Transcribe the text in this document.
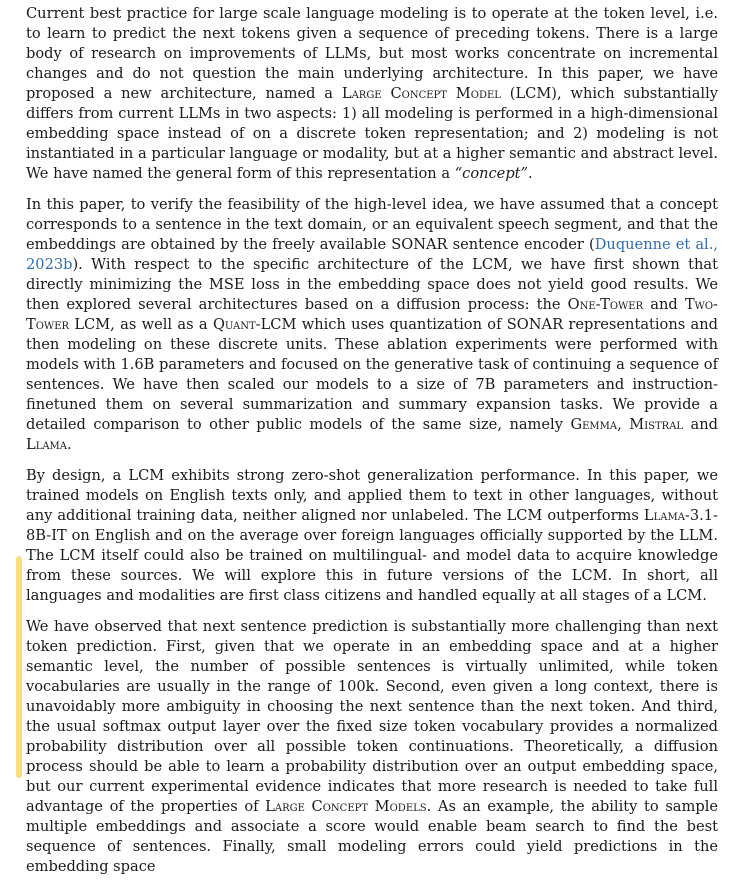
Current best practice for large scale language modeling is to operate at the token level, i.e. to learn to predict the next tokens given a sequence of preceding tokens. There is a large body of research on improvements of LLMs, but most works concentrate on incremental changes and do not question the main underlying architecture. In this paper, we have proposed a new architecture, named a Large Concept Model (LCM), which substantially differs from current LLMs in two aspects: 1) all modeling is performed in a high-dimensional embedding space instead of on a discrete token representation; and 2) modeling is not instantiated in a particular language or modality, but at a higher semantic and abstract level. We have named the general form of this representation a “concept”.

In this paper, to verify the feasibility of the high-level idea, we have assumed that a concept corresponds to a sentence in the text domain, or an equivalent speech segment, and that the embeddings are obtained by the freely available SONAR sentence encoder (Duquenne et al., 2023b). With respect to the specific architecture of the LCM, we have first shown that directly minimizing the MSE loss in the embedding space does not yield good results. We then explored several architectures based on a diffusion process: the One-Tower and Two-Tower LCM, as well as a Quant-LCM which uses quantization of SONAR representations and then modeling on these discrete units. These ablation experiments were performed with models with 1.6B parameters and focused on the generative task of continuing a sequence of sentences. We have then scaled our models to a size of 7B parameters and instruction-finetuned them on several summarization and summary expansion tasks. We provide a detailed comparison to other public models of the same size, namely Gemma, Mistral and Llama.

By design, a LCM exhibits strong zero-shot generalization performance. In this paper, we trained models on English texts only, and applied them to text in other languages, without any additional training data, neither aligned nor unlabeled. The LCM outperforms Llama-3.1-8B-IT on English and on the average over foreign languages officially supported by the LLM. The LCM itself could also be trained on multilingual- and model data to acquire knowledge from these sources. We will explore this in future versions of the LCM. In short, all languages and modalities are first class citizens and handled equally at all stages of a LCM.

We have observed that next sentence prediction is substantially more challenging than next token prediction. First, given that we operate in an embedding space and at a higher semantic level, the number of possible sentences is virtually unlimited, while token vocabularies are usually in the range of 100k. Second, even given a long context, there is unavoidably more ambiguity in choosing the next sentence than the next token. And third, the usual softmax output layer over the fixed size token vocabulary provides a normalized probability distribution over all possible token continuations. Theoretically, a diffusion process should be able to learn a probability distribution over an output embedding space, but our current experimental evidence indicates that more research is needed to take full advantage of the properties of Large Concept Models. As an example, the ability to sample multiple embeddings and associate a score would enable beam search to find the best sequence of sentences. Finally, small modeling errors could yield predictions in the embedding space
